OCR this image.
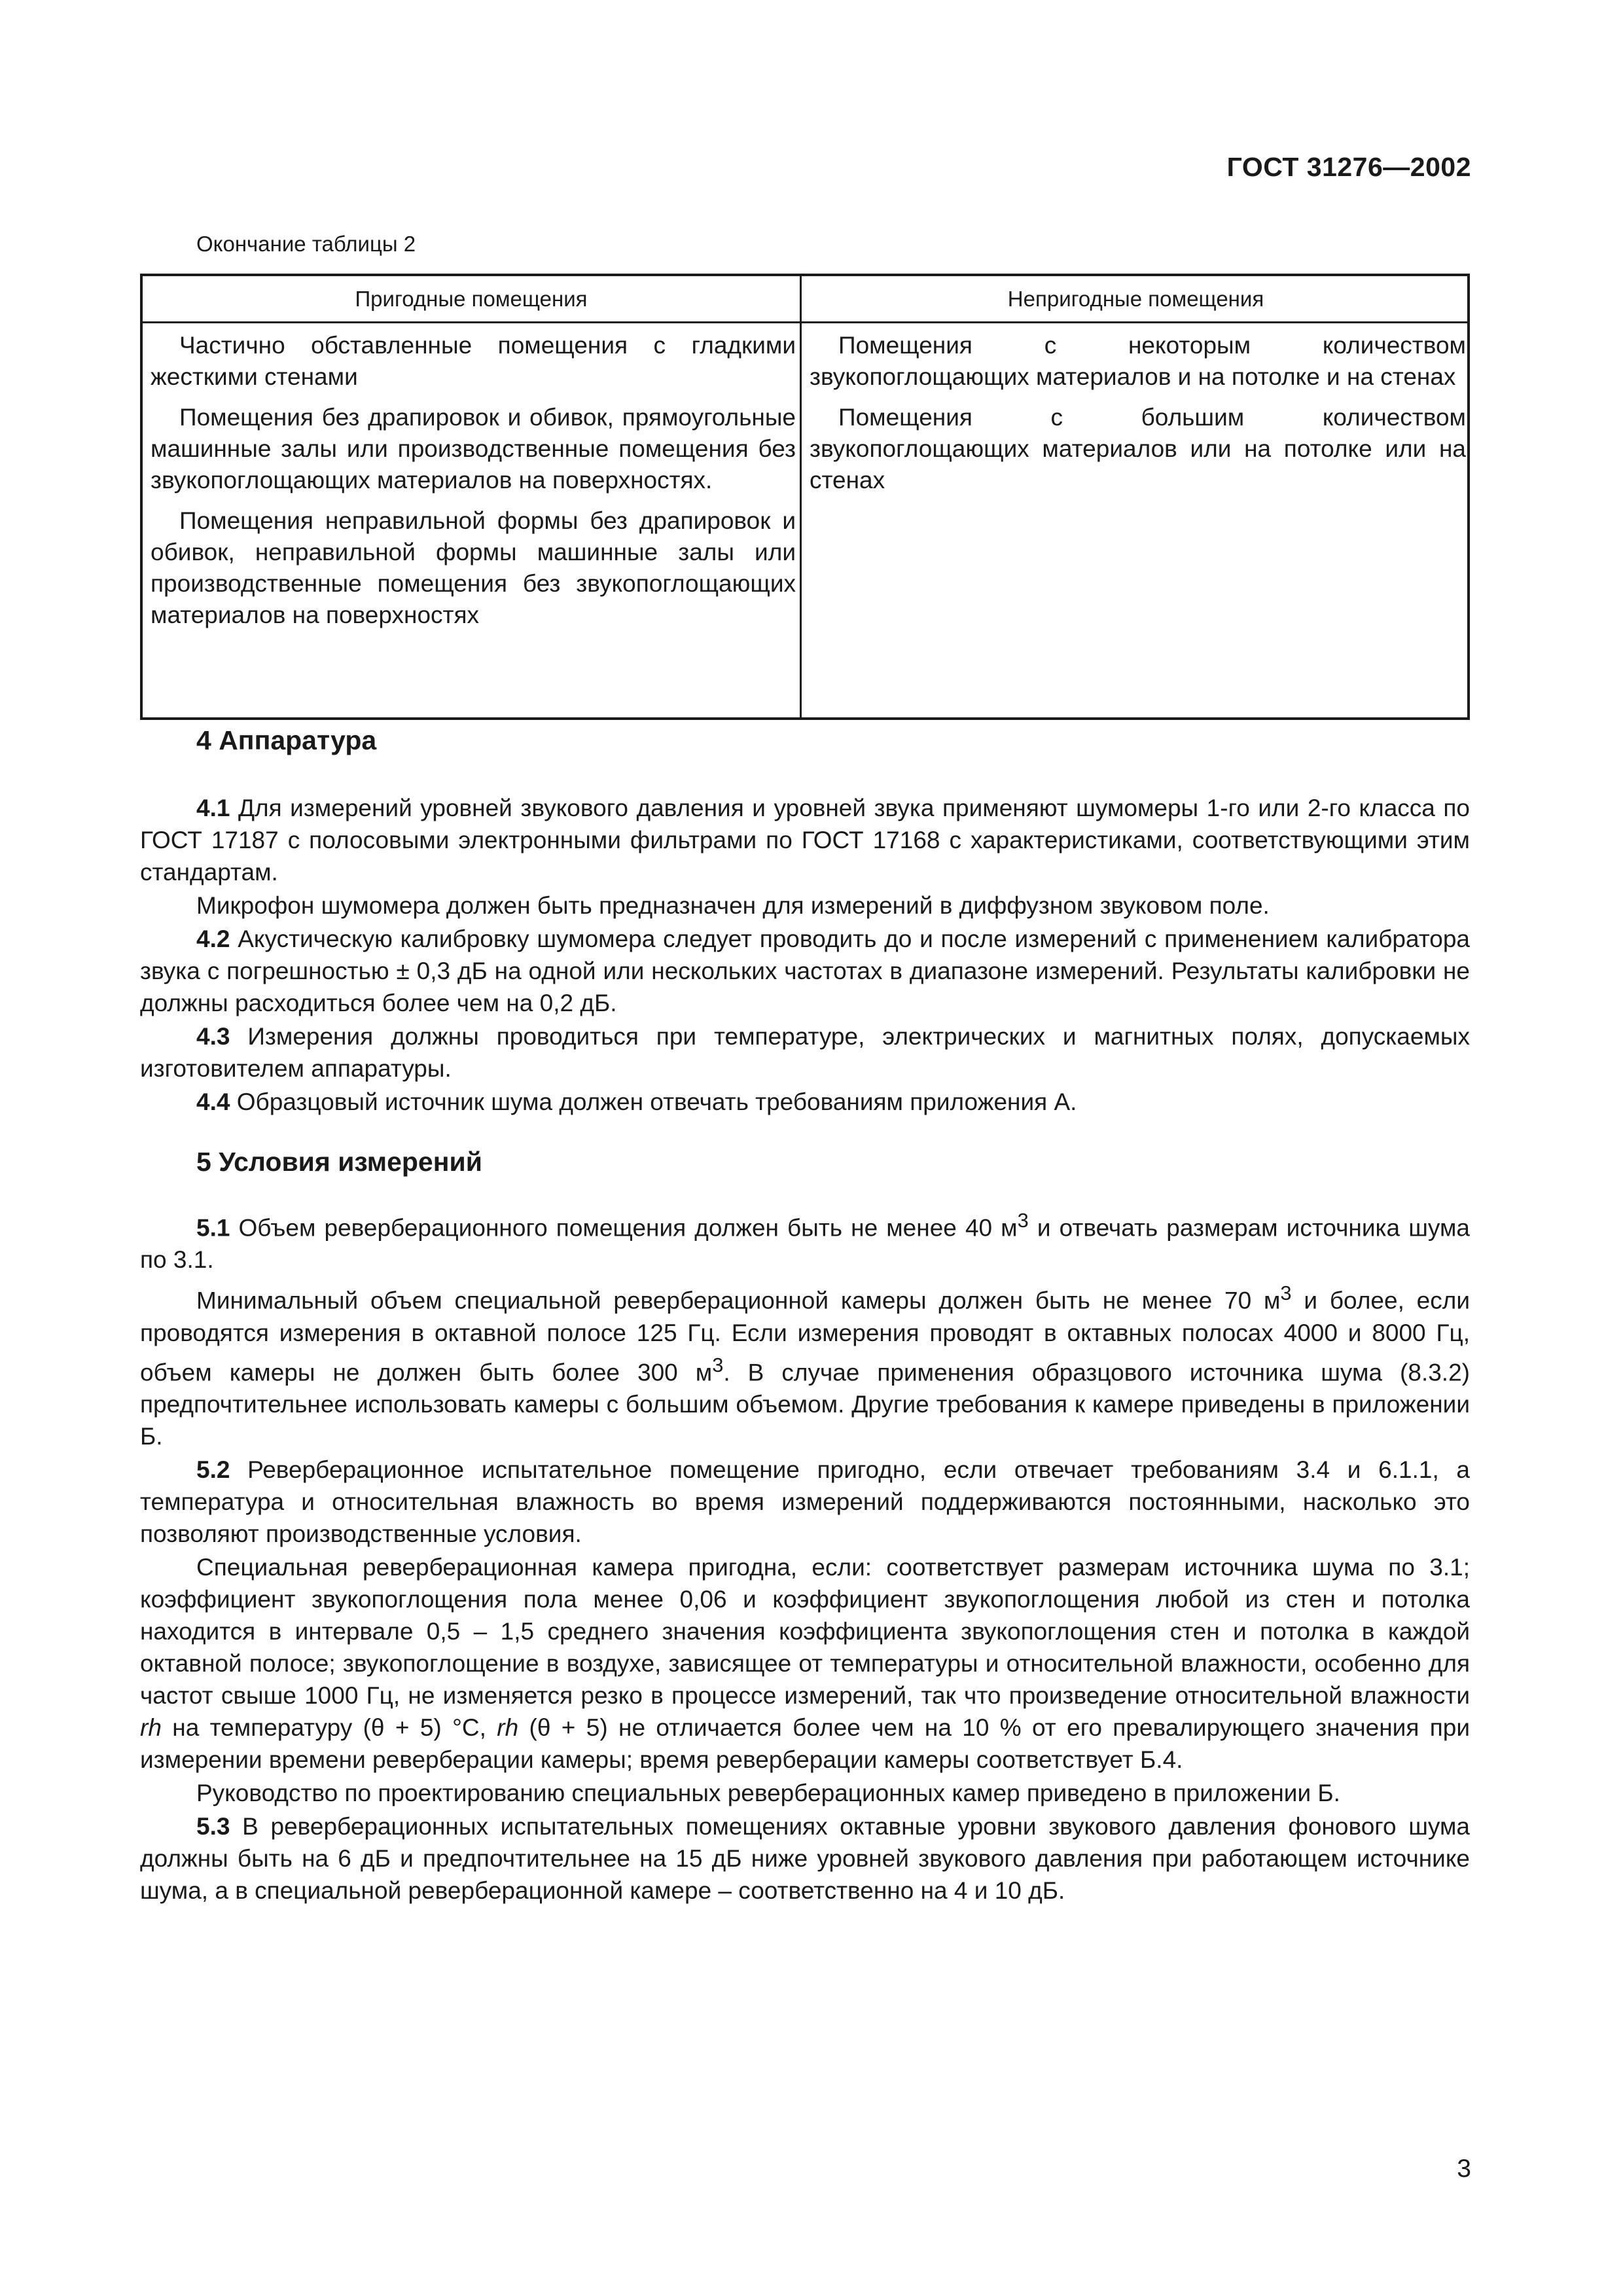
ГОСТ 31276—2002
Окончание таблицы 2
Пригодные помещения	Непригодные помещения

Частично обставленные помещения с гладкими жесткими стенами

Помещения без драпировок и обивок, прямоугольные машинные залы или производственные помещения без звукопоглощающих материалов на поверхностях.

Помещения неправильной формы без драпировок и обивок, неправильной формы машинные залы или производственные помещения без звукопоглощающих материалов на поверхностях

Помещения с некоторым количеством звукопоглощающих материалов и на потолке и на стенах

Помещения с большим количеством звукопоглощающих материалов или на потолке или на стенах

4 Аппаратура

4.1 Для измерений уровней звукового давления и уровней звука применяют шумомеры 1-го или 2-го класса по ГОСТ 17187 с полосовыми электронными фильтрами по ГОСТ 17168 с характеристиками, соответствующими этим стандартам.

Микрофон шумомера должен быть предназначен для измерений в диффузном звуковом поле.

4.2 Акустическую калибровку шумомера следует проводить до и после измерений с применением калибратора звука с погрешностью ± 0,3 дБ на одной или нескольких частотах в диапазоне измерений. Результаты калибровки не должны расходиться более чем на 0,2 дБ.

4.3 Измерения должны проводиться при температуре, электрических и магнитных полях, допускаемых изготовителем аппаратуры.

4.4 Образцовый источник шума должен отвечать требованиям приложения А.

5 Условия измерений

5.1 Объем реверберационного помещения должен быть не менее 40 $м^3$ и отвечать размерам источника шума по 3.1.

Минимальный объем специальной реверберационной камеры должен быть не менее 70 $м^3$ и более, если проводятся измерения в октавной полосе 125 Гц. Если измерения проводят в октавных полосах 4000 и 8000 Гц, объем камеры не должен быть более 300 $м^3$. В случае применения образцового источника шума (8.3.2) предпочтительнее использовать камеры с большим объемом. Другие требования к камере приведены в приложении Б.

5.2 Реверберационное испытательное помещение пригодно, если отвечает требованиям 3.4 и 6.1.1, а температура и относительная влажность во время измерений поддерживаются постоянными, насколько это позволяют производственные условия.

Специальная реверберационная камера пригодна, если: соответствует размерам источника шума по 3.1; коэффициент звукопоглощения пола менее 0,06 и коэффициент звукопоглощения любой из стен и потолка находится в интервале 0,5 – 1,5 среднего значения коэффициента звукопоглощения стен и потолка в каждой октавной полосе; звукопоглощение в воздухе, зависящее от температуры и относительной влажности, особенно для частот свыше 1000 Гц, не изменяется резко в процессе измерений, так что произведение относительной влажности rh на температуру (θ + 5) °С, rh (θ + 5) не отличается более чем на 10 % от его превалирующего значения при измерении времени реверберации камеры; время реверберации камеры соответствует Б.4.

Руководство по проектированию специальных реверберационных камер приведено в приложении Б.

5.3 В реверберационных испытательных помещениях октавные уровни звукового давления фонового шума должны быть на 6 дБ и предпочтительнее на 15 дБ ниже уровней звукового давления при работающем источнике шума, а в специальной реверберационной камере – соответственно на 4 и 10 дБ.

3
